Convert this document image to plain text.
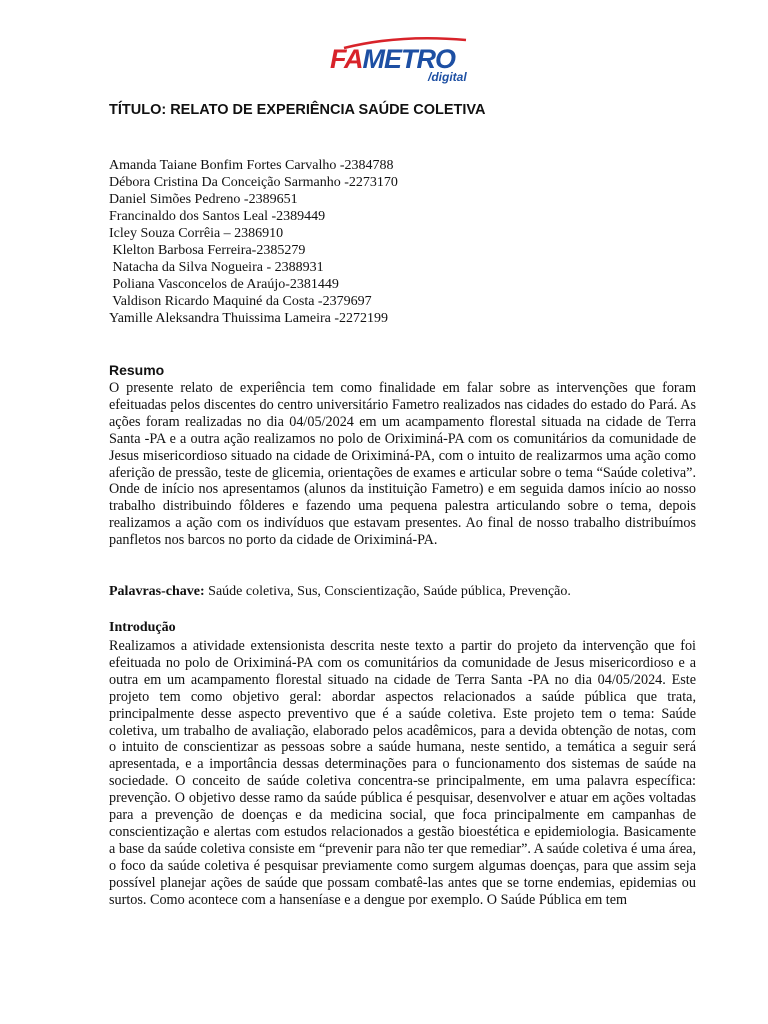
FAMETRO
/digital
TÍTULO: RELATO DE EXPERIÊNCIA SAÚDE COLETIVA
Amanda Taiane Bonfim Fortes Carvalho -2384788
Débora Cristina Da Conceição Sarmanho -2273170
Daniel Simões Pedreno -2389651
Francinaldo dos Santos Leal -2389449
Icley Souza Corrêia – 2386910
Klelton Barbosa Ferreira-2385279
Natacha da Silva Nogueira - 2388931
Poliana Vasconcelos de Araújo-2381449
Valdison Ricardo Maquiné da Costa -2379697
Yamille Aleksandra Thuissima Lameira -2272199
Resumo

O presente relato de experiência tem como finalidade em falar sobre as intervenções que foram efeituadas pelos discentes do centro universitário Fametro realizados nas cidades do estado do Pará. As ações foram realizadas no dia 04/05/2024 em um acampamento florestal situada na cidade de Terra Santa -PA e a outra ação realizamos no polo de Oriximiná-PA com os comunitários da comunidade de Jesus misericordioso situado na cidade de Oriximiná-PA, com o intuito de realizarmos uma ação como aferição de pressão, teste de glicemia, orientações de exames e articular sobre o tema “Saúde coletiva”. Onde de início nos apresentamos (alunos da instituição Fametro) e em seguida damos início ao nosso trabalho distribuindo fôlderes e fazendo uma pequena palestra articulando sobre o tema, depois realizamos a ação com os indivíduos que estavam presentes. Ao final de nosso trabalho distribuímos panfletos nos barcos no porto da cidade de Oriximiná-PA.

Palavras-chave: Saúde coletiva, Sus, Conscientização, Saúde pública, Prevenção.

Introdução

Realizamos a atividade extensionista descrita neste texto a partir do projeto da intervenção que foi efeituada no polo de Oriximiná-PA com os comunitários da comunidade de Jesus misericordioso e a outra em um acampamento florestal situado na cidade de Terra Santa -PA no dia 04/05/2024. Este projeto tem como objetivo geral: abordar aspectos relacionados a saúde pública que trata, principalmente desse aspecto preventivo que é a saúde coletiva. Este projeto tem o tema: Saúde coletiva, um trabalho de avaliação, elaborado pelos acadêmicos, para a devida obtenção de notas, com o intuito de conscientizar as pessoas sobre a saúde humana, neste sentido, a temática a seguir será apresentada, e a importância dessas determinações para o funcionamento dos sistemas de saúde na sociedade. O conceito de saúde coletiva concentra-se principalmente, em uma palavra específica: prevenção. O objetivo desse ramo da saúde pública é pesquisar, desenvolver e atuar em ações voltadas para a prevenção de doenças e da medicina social, que foca principalmente em campanhas de conscientização e alertas com estudos relacionados a gestão bioestética e epidemiologia. Basicamente a base da saúde coletiva consiste em “prevenir para não ter que remediar”. A saúde coletiva é uma área, o foco da saúde coletiva é pesquisar previamente como surgem algumas doenças, para que assim seja possível planejar ações de saúde que possam combatê-las antes que se torne endemias, epidemias ou surtos. Como acontece com a hanseníase e a dengue por exemplo. O Saúde Pública em tem
